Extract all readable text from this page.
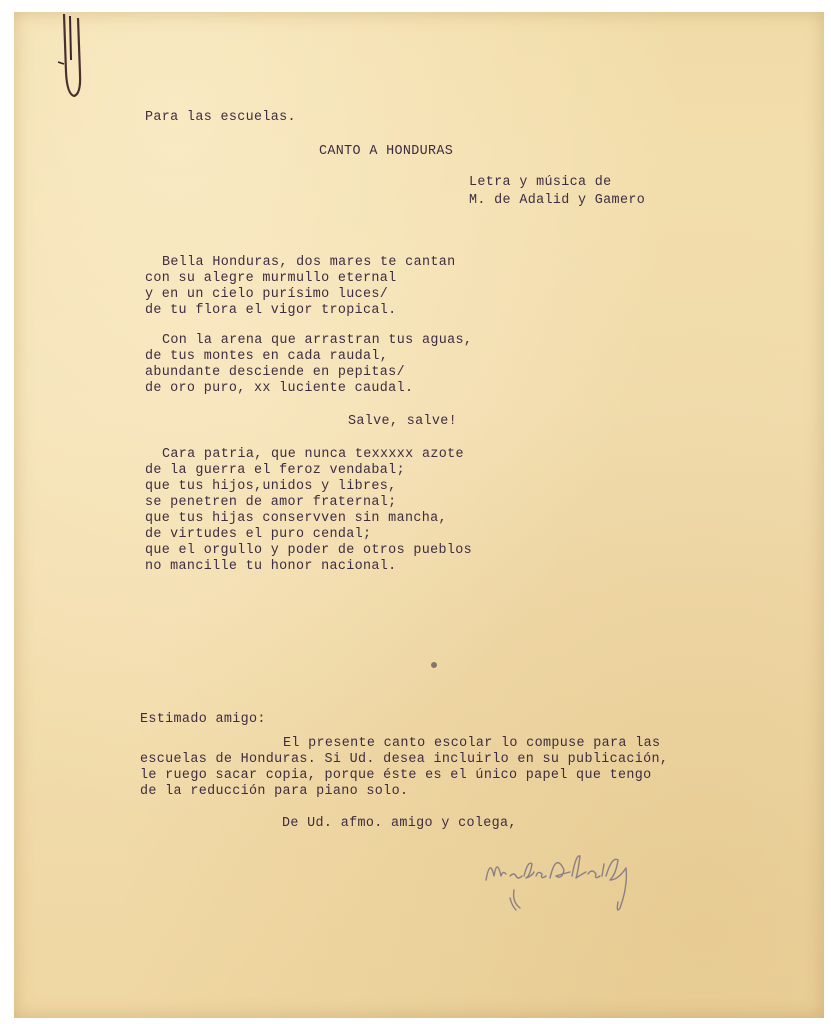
Para las escuelas.
CANTO A HONDURAS
Letra y música de
M. de Adalid y Gamero
Bella Honduras, dos mares te cantan
con su alegre murmullo eternal
y en un cielo purísimo luces/
de tu flora el vigor tropical.
Con la arena que arrastran tus aguas,
de tus montes en cada raudal,
abundante desciende en pepitas/
de oro puro, xx luciente caudal.
Salve, salve!
Cara patria, que nunca texxxxx azote
de la guerra el feroz vendabal;
que tus hijos,unidos y libres,
se penetren de amor fraternal;
que tus hijas conservven sin mancha,
de virtudes el puro cendal;
que el orgullo y poder de otros pueblos
no mancille tu honor nacional.
Estimado amigo:
El presente canto escolar lo compuse para las
escuelas de Honduras. Si Ud. desea incluirlo en su publicación,
le ruego sacar copia, porque éste es el único papel que tengo
de la reducción para piano solo.
De Ud. afmo. amigo y colega,
